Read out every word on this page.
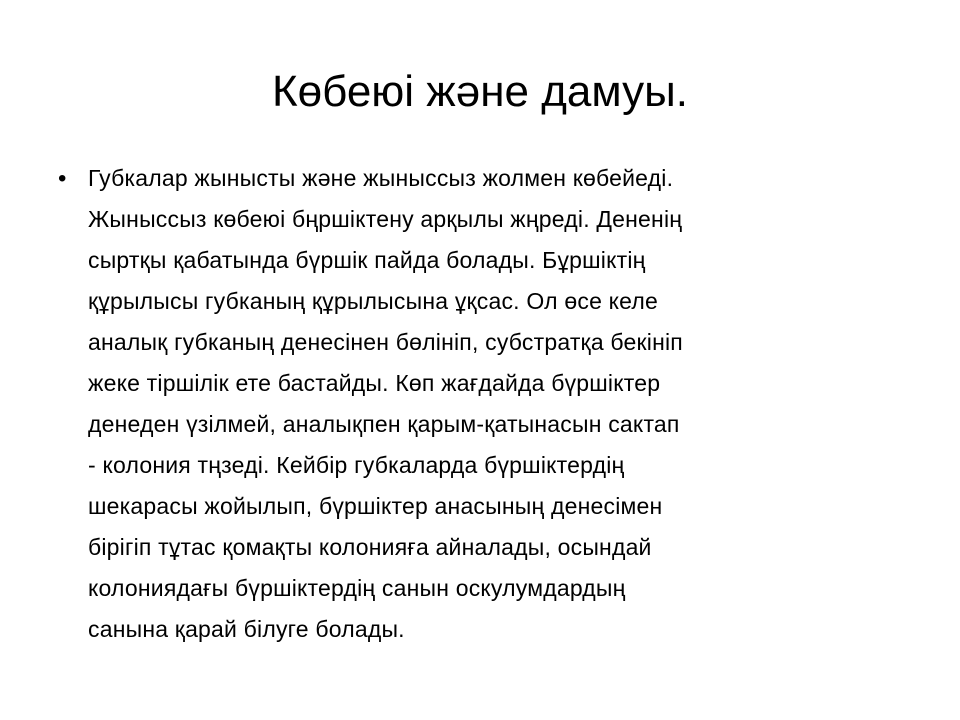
Көбеюі және дамуы.
• Губкалар жынысты және жыныссыз жолмен көбейеді.
Жыныссыз көбеюі бңршіктену арқылы жңреді. Дененің
сыртқы қабатында бүршік пайда болады. Бұршіктің
құрылысы губканың құрылысына ұқсас. Ол өсе келе
аналық губканың денесінен бөлініп, субстратқа бекініп
жеке тіршілік ете бастайды. Көп жағдайда бүршіктер
денеден үзілмей, аналықпен қарым-қатынасын сактап
- колония тңзеді. Кейбір губкаларда бүршіктердің
шекарасы жойылып, бүршіктер анасының денесімен
бірігіп тұтас қомақты колонияға айналады, осындай
колониядағы бүршіктердің санын оскулумдардың
санына қарай білуге болады.
